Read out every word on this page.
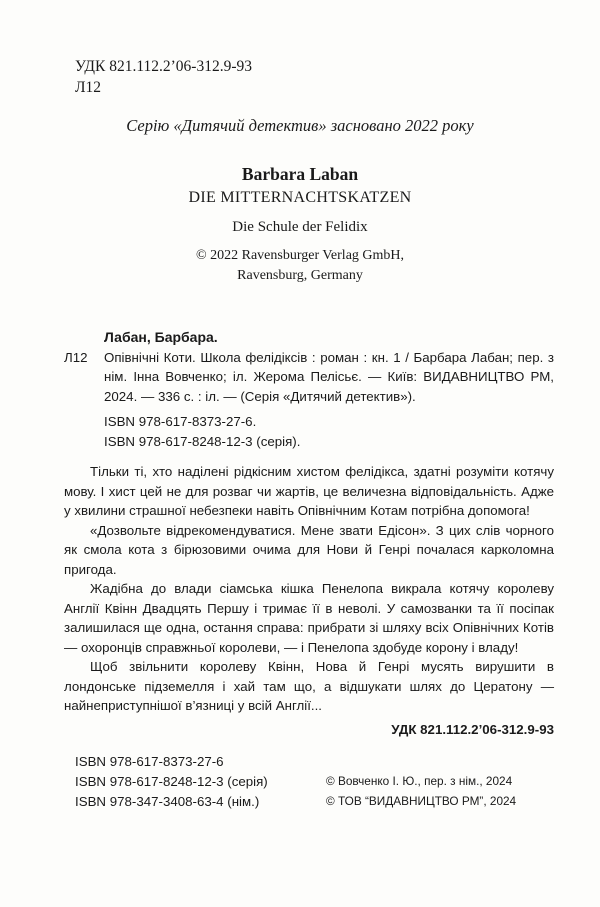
УДК 821.112.2’06-312.9-93
Л12
Серію «Дитячий детектив» засновано 2022 року
Barbara Laban
DIE MITTERNACHTSKATZEN
Die Schule der Felidix
© 2022 Ravensburger Verlag GmbH,
Ravensburg, Germany
Лабан, Барбара.
Л12 Опівнічні Коти. Школа фелідіксів : роман : кн. 1 / Барбара Лабан; пер. з нім. Інна Вовченко; іл. Жерома Пелісьє. — Київ: ВИДАВНИЦТВО РМ, 2024. — 336 с. : іл. — (Серія «Дитячий детектив»).
ISBN 978-617-8373-27-6.
ISBN 978-617-8248-12-3 (серія).

Тільки ті, хто наділені рідкісним хистом фелідікса, здатні розуміти котячу мову. І хист цей не для розваг чи жартів, це величезна відповідальність. Адже у хвилини страшної небезпеки навіть Опівнічним Котам потрібна допомога!

«Дозвольте відрекомендуватися. Мене звати Едісон». З цих слів чорного як смола кота з бірюзовими очима для Нови й Генрі почалася карколомна пригода.

Жадібна до влади сіамська кішка Пенелопа викрала котячу королеву Англії Квінн Двадцять Першу і тримає її в неволі. У самозванки та її посіпак залишилася ще одна, остання справа: прибрати зі шляху всіх Опівнічних Котів — охоронців справжньої королеви, — і Пенелопа здобуде корону і владу!

Щоб звільнити королеву Квінн, Нова й Генрі мусять вирушити в лондонське підземелля і хай там що, а відшукати шлях до Цератону — найнеприступнішої в’язниці у всій Англії...

УДК 821.112.2’06-312.9-93
ISBN 978-617-8373-27-6
ISBN 978-617-8248-12-3 (серія)
ISBN 978-347-3408-63-4 (нім.)
© Вовченко І. Ю., пер. з нім., 2024
© ТОВ “ВИДАВНИЦТВО РМ”, 2024
